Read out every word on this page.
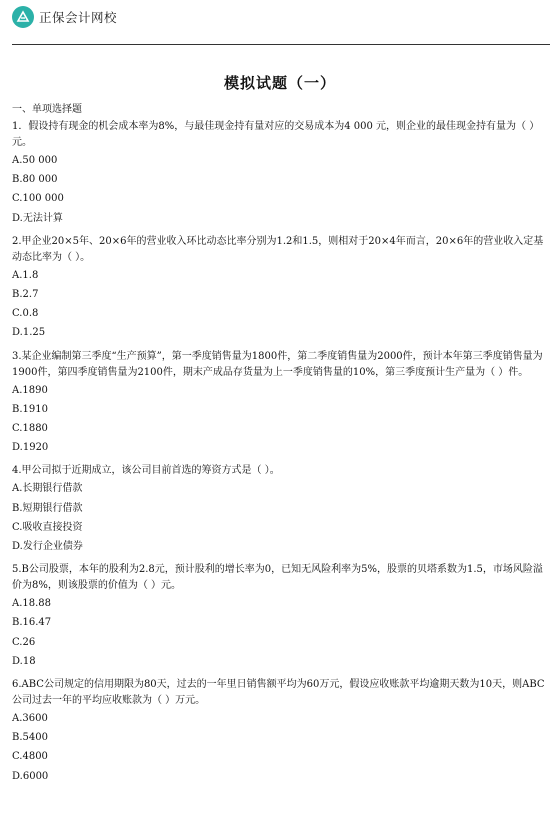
正保会计网校
模拟试题（一）
一、单项选择题

1．假设持有现金的机会成本率为8%，与最佳现金持有量对应的交易成本为4 000 元，则企业的最佳现金持有量为（ ）元。

A.50 000

B.80 000

C.100 000

D.无法计算

2.甲企业20×5年、20×6年的营业收入环比动态比率分别为1.2和1.5，则相对于20×4年而言，20×6年的营业收入定基动态比率为（ ）。

A.1.8

B.2.7

C.0.8

D.1.25

3.某企业编制第三季度“生产预算”，第一季度销售量为1800件，第二季度销售量为2000件，预计本年第三季度销售量为1900件，第四季度销售量为2100件，期末产成品存货量为上一季度销售量的10%，第三季度预计生产量为（ ）件。

A.1890

B.1910

C.1880

D.1920

4.甲公司拟于近期成立，该公司目前首选的筹资方式是（ ）。

A.长期银行借款

B.短期银行借款

C.吸收直接投资

D.发行企业债券

5.B公司股票，本年的股利为2.8元，预计股利的增长率为0，已知无风险利率为5%，股票的贝塔系数为1.5，市场风险溢价为8%，则该股票的价值为（ ）元。

A.18.88

B.16.47

C.26

D.18

6.ABC公司规定的信用期限为80天，过去的一年里日销售额平均为60万元，假设应收账款平均逾期天数为10天，则ABC公司过去一年的平均应收账款为（ ）万元。

A.3600

B.5400

C.4800

D.6000
